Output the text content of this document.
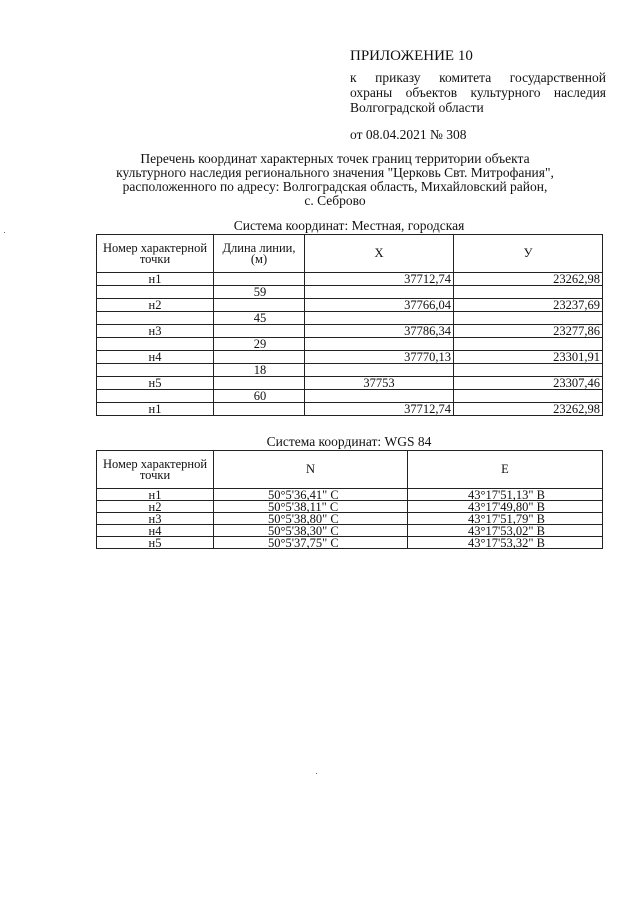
ПРИЛОЖЕНИЕ 10
к приказу комитета государственной
охраны объектов культурного наследия
Волгоградской области
от 08.04.2021 № 308
Перечень координат характерных точек границ территории объекта
культурного наследия регионального значения "Церковь Свт. Митрофания",
расположенного по адресу: Волгоградская область, Михайловский район,
с. Себрово
Система координат: Местная, городская
Номер характерной точки	Длина линии, (м)	X	У
н1		37712,74	23262,98
	59		
н2		37766,04	23237,69
	45		
н3		37786,34	23277,86
	29		
н4		37770,13	23301,91
	18		
н5		37753	23307,46
	60		
н1		37712,74	23262,98
Система координат: WGS 84
Номер характерной точки	N	E
н1	50°5'36,41" С	43°17'51,13" В
н2	50°5'38,11" С	43°17'49,80" В
н3	50°5'38,80" С	43°17'51,79" В
н4	50°5'38,30" С	43°17'53,02" В
н5	50°5'37,75" С	43°17'53,32" В
